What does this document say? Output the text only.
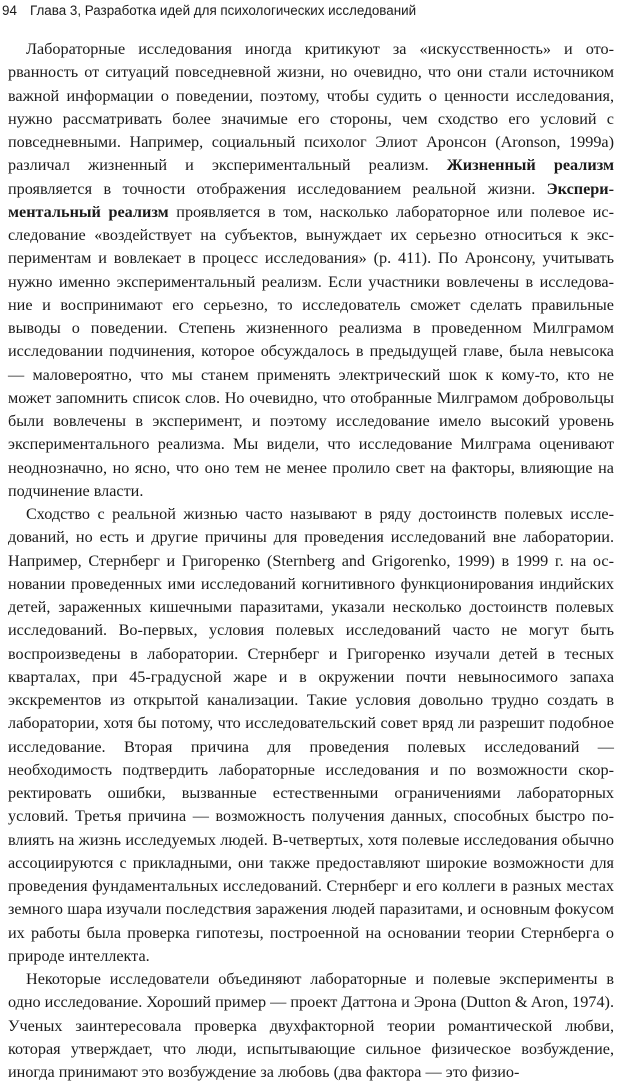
94 Глава 3, Разработка идей для психологических исследований

Лабораторные исследования иногда критикуют за «искусственность» и оторванность от ситуаций повседневной жизни, но очевидно, что они стали источником важной информации о поведении, поэтому, чтобы судить о ценности исследования, нужно рассматривать более значимые его стороны, чем сходство его условий с повседневными. Например, социальный психолог Элиот Аронсон (Aronson, 1999a) различал жизненный и экспериментальный реализм. Жизненный реализм проявляется в точности отображения исследованием реальной жизни. Экспериментальный реализм проявляется в том, насколько лабораторное или полевое исследование «воздействует на субъектов, вынуждает их серьезно относиться к экспериментам и вовлекает в процесс исследования» (р. 411). По Аронсону, учитывать нужно именно экспериментальный реализм. Если участники вовлечены в исследование и воспринимают его серьезно, то исследователь сможет сделать правильные выводы о поведении. Степень жизненного реализма в проведенном Милграмом исследовании подчинения, которое обсуждалось в предыдущей главе, была невысока — маловероятно, что мы станем применять электрический шок к кому-то, кто не может запомнить список слов. Но очевидно, что отобранные Милграмом добровольцы были вовлечены в эксперимент, и поэтому исследование имело высокий уровень экспериментального реализма. Мы видели, что исследование Милграма оценивают неоднозначно, но ясно, что оно тем не менее пролило свет на факторы, влияющие на подчинение власти.

Сходство с реальной жизнью часто называют в ряду достоинств полевых исследований, но есть и другие причины для проведения исследований вне лаборатории. Например, Стернберг и Григоренко (Sternberg and Grigorenko, 1999) в 1999 г. на основании проведенных ими исследований когнитивного функционирования индийских детей, зараженных кишечными паразитами, указали несколько достоинств полевых исследований. Во-первых, условия полевых исследований часто не могут быть воспроизведены в лаборатории. Стернберг и Григоренко изучали детей в тесных кварталах, при 45-градусной жаре и в окружении почти невыносимого запаха экскрементов из открытой канализации. Такие условия довольно трудно создать в лаборатории, хотя бы потому, что исследовательский совет вряд ли разрешит подобное исследование. Вторая причина для проведения полевых исследований — необходимость подтвердить лабораторные исследования и по возможности скорректировать ошибки, вызванные естественными ограничениями лабораторных условий. Третья причина — возможность получения данных, способных быстро повлиять на жизнь исследуемых людей. В-четвертых, хотя полевые исследования обычно ассоциируются с прикладными, они также предоставляют широкие возможности для проведения фундаментальных исследований. Стернберг и его коллеги в разных местах земного шара изучали последствия заражения людей паразитами, и основным фокусом их работы была проверка гипотезы, построенной на основании теории Стернберга о природе интеллекта.

Некоторые исследователи объединяют лабораторные и полевые эксперименты в одно исследование. Хороший пример — проект Даттона и Эрона (Dutton & Aron, 1974). Ученых заинтересовала проверка двухфакторной теории романтической любви, которая утверждает, что люди, испытывающие сильное физическое возбуждение, иногда принимают это возбуждение за любовь (два фактора — это физио-
